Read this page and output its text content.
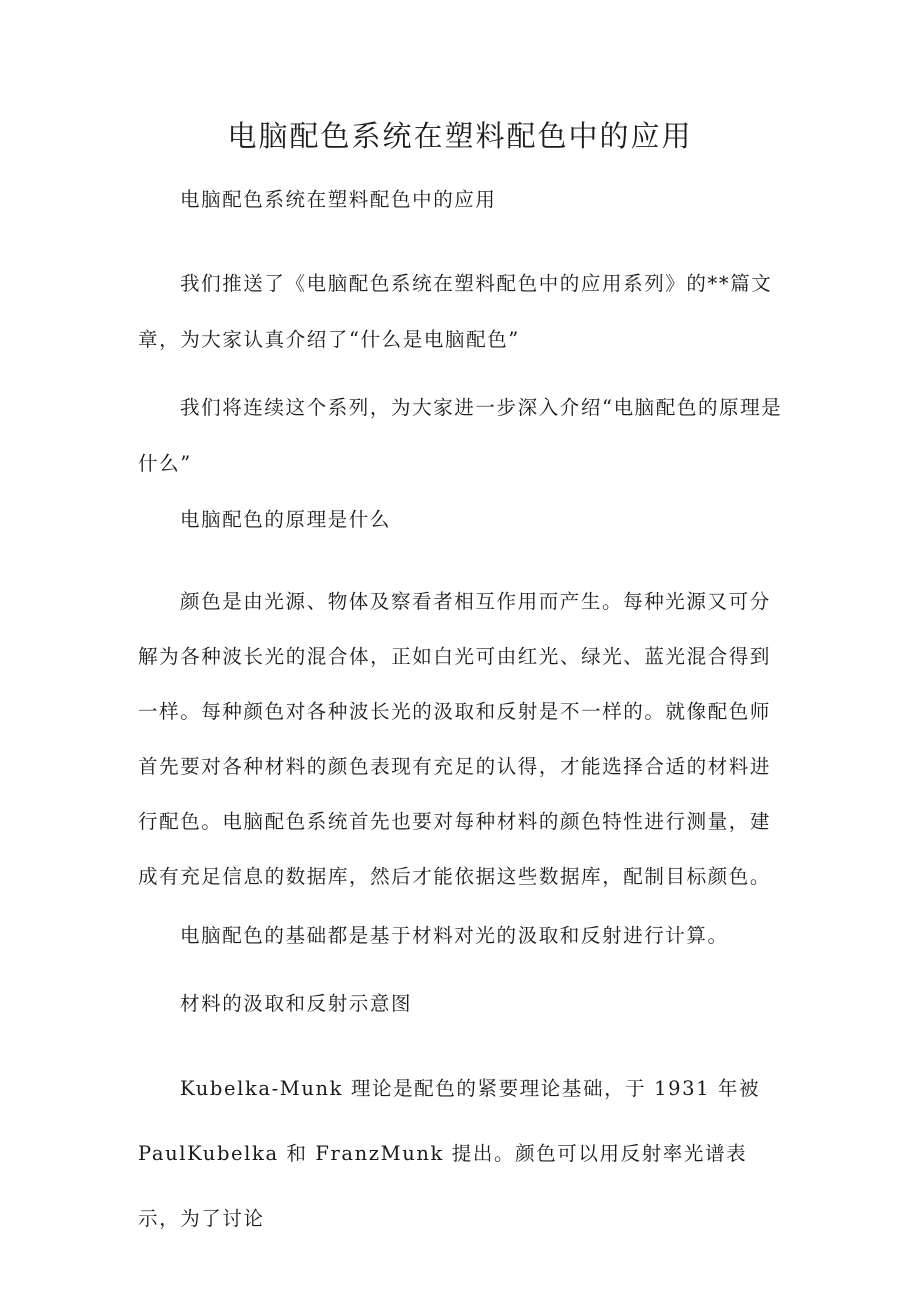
电脑配色系统在塑料配色中的应用

电脑配色系统在塑料配色中的应用

我们推送了《电脑配色系统在塑料配色中的应用系列》的**篇文章，为大家认真介绍了“什么是电脑配色”

我们将连续这个系列，为大家进一步深入介绍“电脑配色的原理是什么”

电脑配色的原理是什么

颜色是由光源、物体及察看者相互作用而产生。每种光源又可分解为各种波长光的混合体，正如白光可由红光、绿光、蓝光混合得到一样。每种颜色对各种波长光的汲取和反射是不一样的。就像配色师首先要对各种材料的颜色表现有充足的认得，才能选择合适的材料进行配色。电脑配色系统首先也要对每种材料的颜色特性进行测量，建成有充足信息的数据库，然后才能依据这些数据库，配制目标颜色。

电脑配色的基础都是基于材料对光的汲取和反射进行计算。

材料的汲取和反射示意图

Kubelka-Munk 理论是配色的紧要理论基础，于 1931 年被 PaulKubelka 和 FranzMunk 提出。颜色可以用反射率光谱表示，为了讨论
